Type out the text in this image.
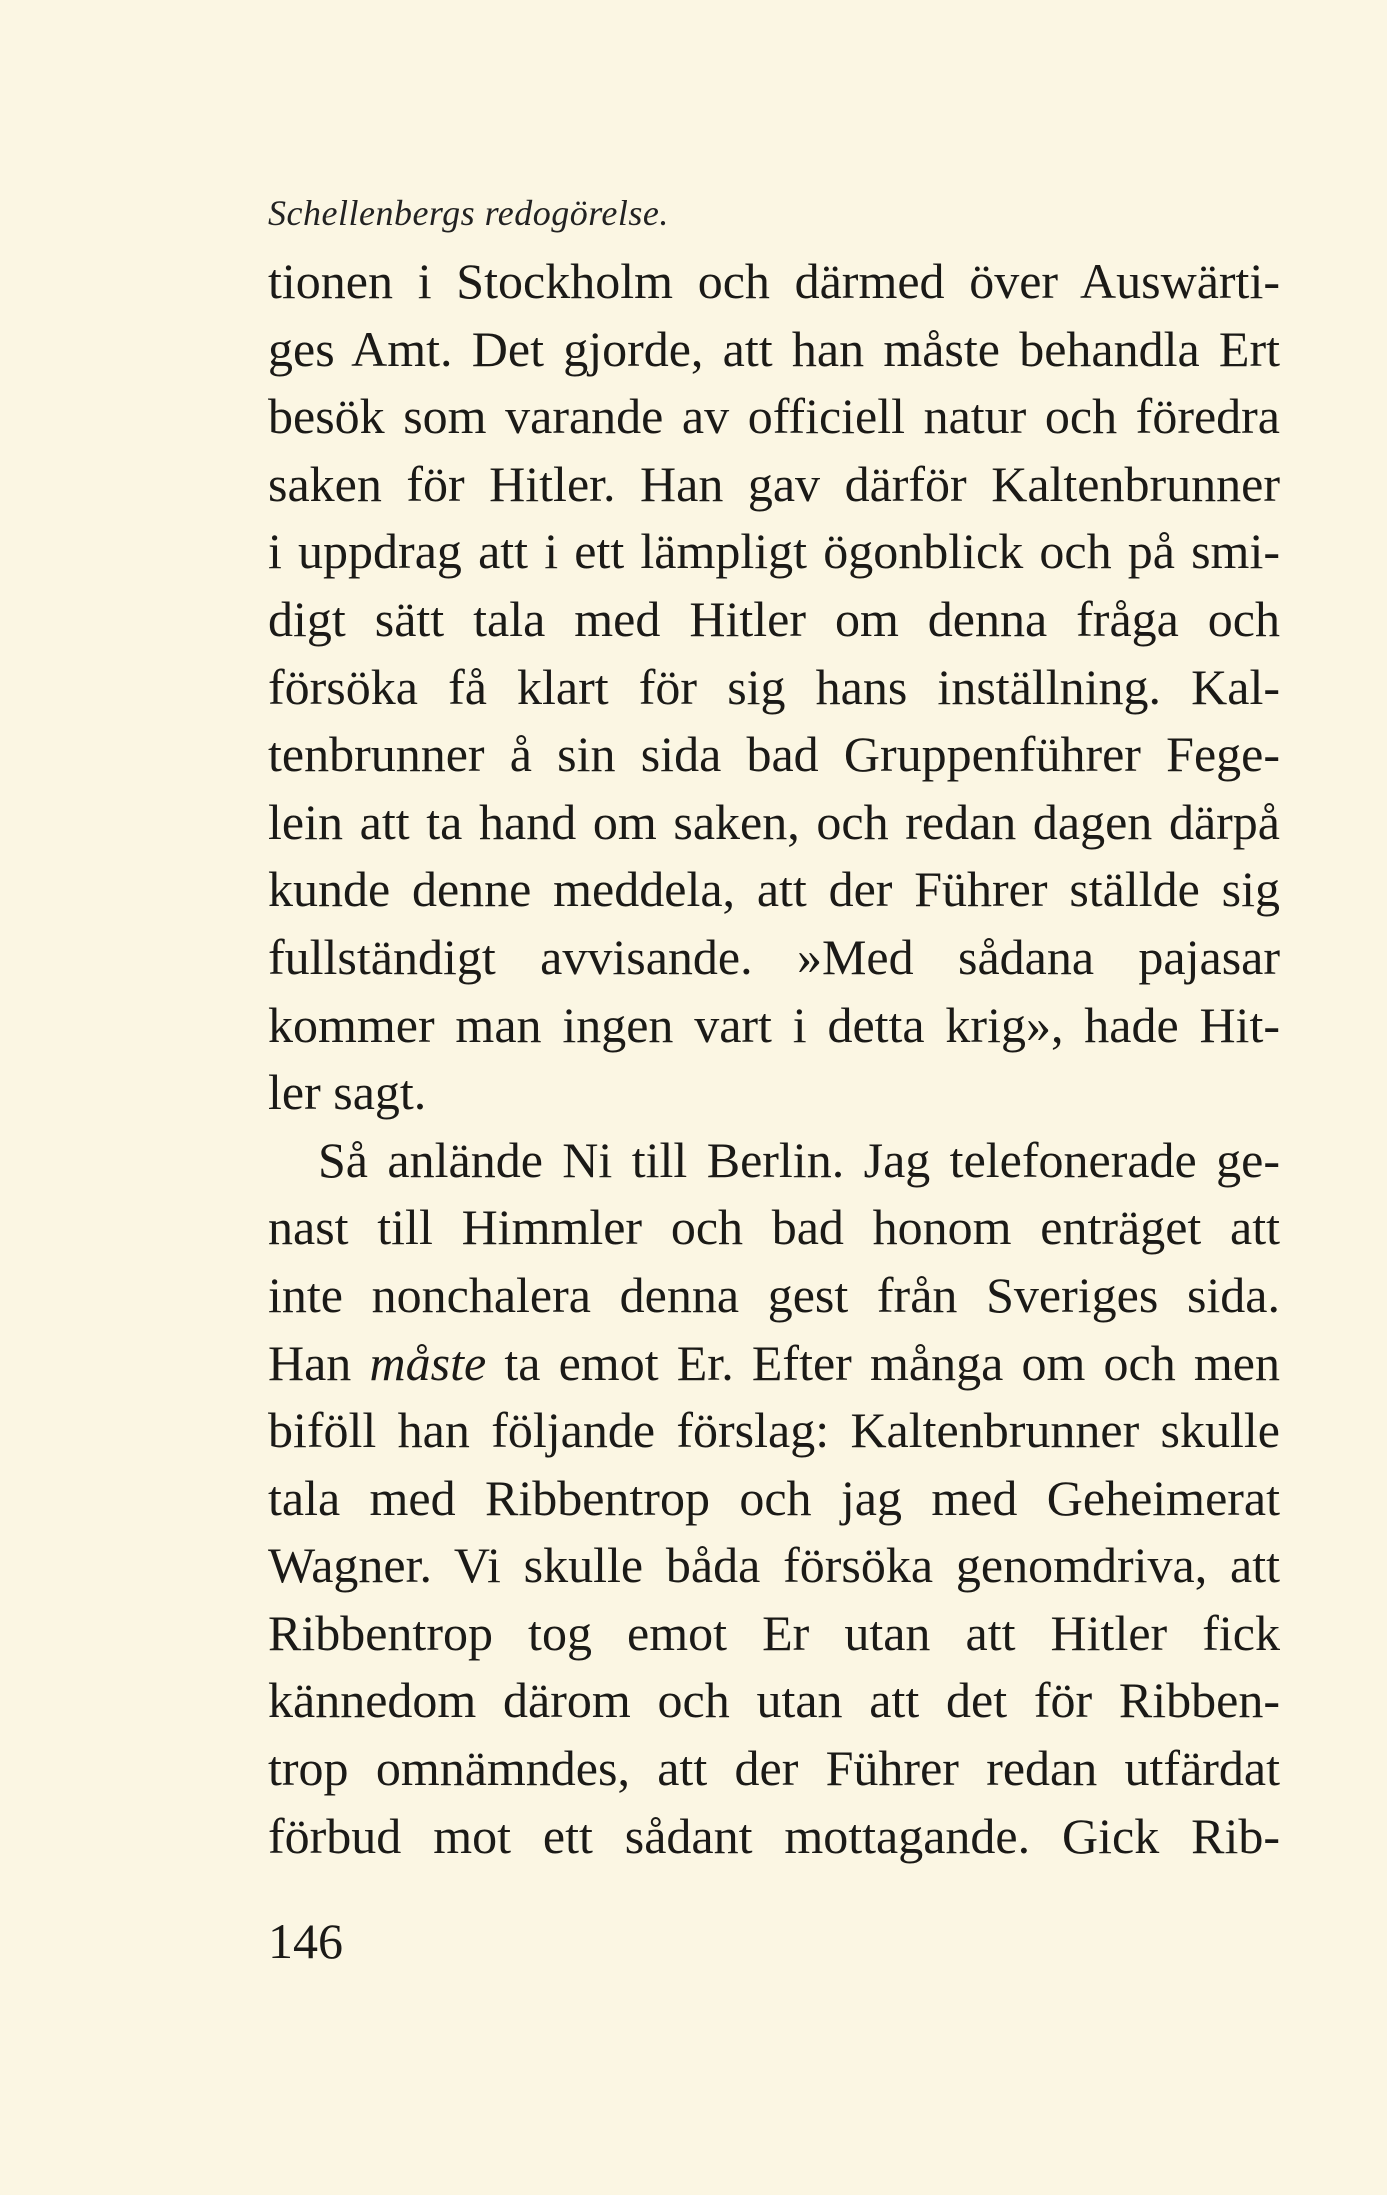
Schellenbergs redogörelse.
tionen i Stockholm och därmed över Auswärti-
ges Amt. Det gjorde, att han måste behandla Ert
besök som varande av officiell natur och föredra
saken för Hitler. Han gav därför Kaltenbrunner
i uppdrag att i ett lämpligt ögonblick och på smi-
digt sätt tala med Hitler om denna fråga och
försöka få klart för sig hans inställning. Kal-
tenbrunner å sin sida bad Gruppenführer Fege-
lein att ta hand om saken, och redan dagen därpå
kunde denne meddela, att der Führer ställde sig
fullständigt avvisande. »Med sådana pajasar
kommer man ingen vart i detta krig», hade Hit-
ler sagt.
Så anlände Ni till Berlin. Jag telefonerade ge-
nast till Himmler och bad honom enträget att
inte nonchalera denna gest från Sveriges sida.
Han måste ta emot Er. Efter många om och men
biföll han följande förslag: Kaltenbrunner skulle
tala med Ribbentrop och jag med Geheimerat
Wagner. Vi skulle båda försöka genomdriva, att
Ribbentrop tog emot Er utan att Hitler fick
kännedom därom och utan att det för Ribben-
trop omnämndes, att der Führer redan utfärdat
förbud mot ett sådant mottagande. Gick Rib-
146
